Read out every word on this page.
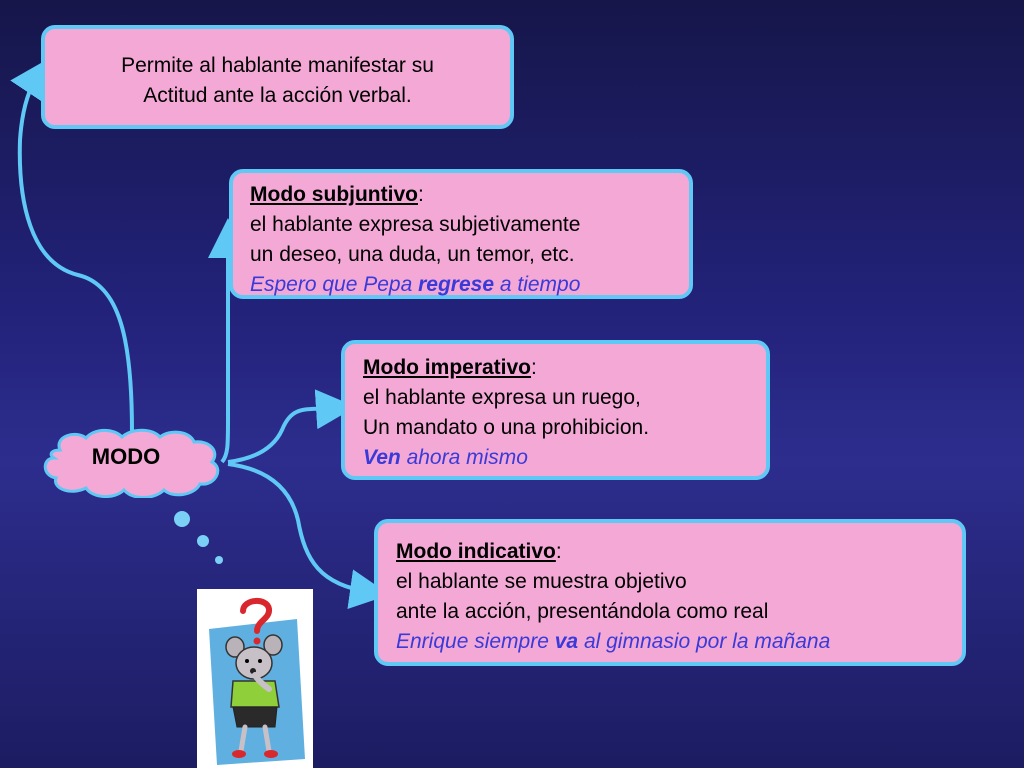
Permite al hablante manifestar su
Actitud ante la acción verbal.
Modo subjuntivo:
el hablante expresa subjetivamente
un deseo, una duda, un temor, etc.
Espero que Pepa regrese a tiempo
Modo imperativo:
el hablante expresa un ruego,
Un mandato o una prohibicion.
Ven ahora mismo
Modo indicativo:
el hablante se muestra objetivo
ante la acción, presentándola como real
Enrique siempre va al gimnasio por la mañana
MODO
